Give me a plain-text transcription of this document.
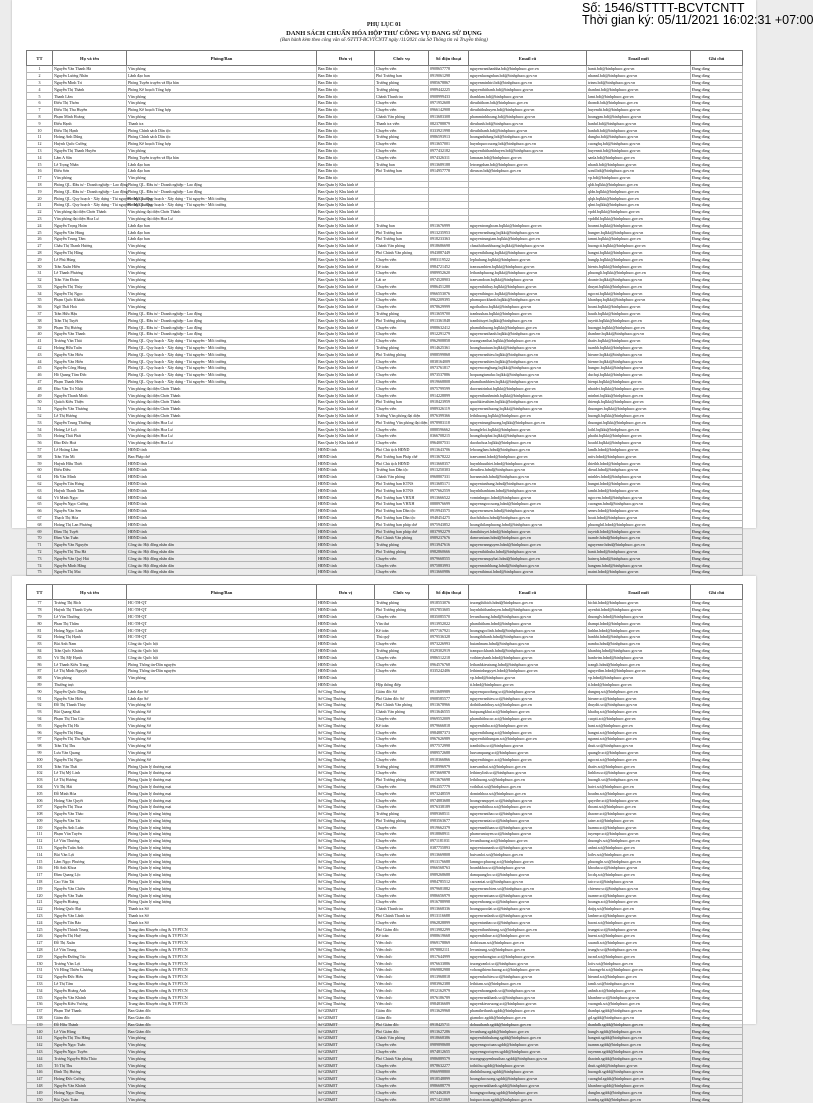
Số: 1546/STTTT-BCVTCNTT
Thời gian ký: 05/11/2021 16:02:31 +07:00
PHỤ LỤC 01
DANH SÁCH CHUẨN HÓA HỘP THƯ CÔNG VỤ ĐANG SỬ DỤNG
(Ban hành kèm theo công văn số /STTTT-BCVTCNTT ngày /11/2021 của Sở Thông tin và Truyền thông)
TT	Họ và tên	Phòng/Ban	Đơn vị	Chức vụ	Số điện thoại	Email cũ	Email mới	Ghi chú
1	Nguyễn Văn Thanh Hà	Văn phòng	Ban Dân tộc	Chuyên viên	0908657778	nguyenvanthanhha.bdt@binhphuoc.gov.vn	hantt.bdt@binhphuoc.gov.vn	Đang dùng
2	Nguyễn Lương Nhân	Lãnh đạo ban	Ban Dân tộc	Phó Trưởng ban	0919061298	nguyenluongnhan.bdt@binhphuoc.gov.vn	nhannl.bdt@binhphuoc.gov.vn	Đang dùng
3	Nguyễn Minh Tri	Phòng Tuyên truyền và Địa bàn	Ban Dân tộc	Trưởng phòng	0985678867	nguyenminhtri.bdt@binhphuoc.gov.vn	trinm.bdt@binhphuoc.gov.vn	Đang dùng
4	Nguyễn Thị Thành	Phòng Kế hoạch Tổng hợp	Ban Dân tộc	Trưởng phòng	0989442225	nguyenthithanh.bdt@binhphuoc.gov.vn	thanhnt.bdt@binhphuoc.gov.vn	Đang dùng
5	Thanh Lâm	Văn phòng	Ban Dân tộc	Chánh Thanh tra	0908999433	thanhlam.bdt@binhphuoc.gov.vn	lamt.bdt@binhphuoc.gov.vn	Đang dùng
6	Điểu Thị Thơm	Văn phòng	Ban Dân tộc	Chuyên viên	0971952608	dieuthithom.bdt@binhphuoc.gov.vn	thomdt.bdt@binhphuoc.gov.vn	Đang dùng
7	Điểu Thị Thu Huyền	Phòng Kế hoạch Tổng hợp	Ban Dân tộc	Chuyên viên	0966142908	dieuthithuhuyen.bdt@binhphuoc.gov.vn	huyendtt.bdt@binhphuoc.gov.vn	Đang dùng
8	Phạm Minh Hoàng	Văn phòng	Ban Dân tộc	Chánh Văn phòng	0913683308	phamminhhoang.bdt@binhphuoc.gov.vn	hoangpm.bdt@binhphuoc.gov.vn	Đang dùng
9	Điểu Hạnh	Thanh tra	Ban Dân tộc	Thanh tra viên	0823788879	dieuhanh.bdt@binhphuoc.gov.vn	hanhd.bdt@binhphuoc.gov.vn	Đang dùng
10	Điểu Thị Hạnh	Phòng Chính sách Dân tộc	Ban Dân tộc	Chuyên viên	0333921998	dieuthihanh.bdt@binhphuoc.gov.vn	hanhdt.bdt@binhphuoc.gov.vn	Đang dùng
11	Hoàng Anh Dũng	Phòng Chính sách Dân tộc	Ban Dân tộc	Trưởng phòng	0986593913	hoanganhdung.bdt@binhphuoc.gov.vn	dungha.bdt@binhphuoc.gov.vn	Đang dùng
12	Huỳnh Quốc Cường	Phòng Kế hoạch Tổng hợp	Ban Dân tộc	Chuyên viên	0913657001	huynhquoccuong.bdt@binhphuoc.gov.vn	cuonghq.bdt@binhphuoc.gov.vn	Đang dùng
13	Nguyễn Thị Thanh Huyền	Văn phòng	Ban Dân tộc	Chuyên viên	0977432182	nguyenthithanhhuyen.bdt@binhphuoc.gov.vn	huyenntt.bdt@binhphuoc.gov.vn	Đang dùng
14	Lâm A Sắn	Phòng Tuyên truyền và Địa bàn	Ban Dân tộc	Chuyên viên	0974326311	lamasan.bdt@binhphuoc.gov.vn	sanla.bdt@binhphuoc.gov.vn	Đang dùng
15	Lê Trọng Nhân	Lãnh đạo ban	Ban Dân tộc	Trưởng ban	0913689188	letrongnhan.bdt@binhphuoc.gov.vn	nhanlt.bdt@binhphuoc.gov.vn	Đang dùng
16	Điểu Sơn	Lãnh đạo ban	Ban Dân tộc	Phó Trưởng ban	0914957778	dieuson.bdt@binhphuoc.gov.vn	sond.bdt@binhphuoc.gov.vn	Đang dùng
17	Văn phòng	Văn phòng	Ban Dân tộc				vp.bdt@binhphuoc.gov.vn	Đang dùng
18	Phòng QL. Đầu tư - Doanh nghiệp - Lao động	Phòng QL. Đầu tư - Doanh nghiệp - Lao động	Ban Quản lý Khu kinh tế				qldt.bqlkkt@binhphuoc.gov.vn	Đang dùng
19	Phòng QL. Đầu tư - Doanh nghiệp - Lao động	Phòng QL. Đầu tư - Doanh nghiệp - Lao động	Ban Quản lý Khu kinh tế				qldn.bqlkkt@binhphuoc.gov.vn	Đang dùng
20	Phòng QL. Quy hoạch - Xây dựng - Tài nguyên - Môi trường	Phòng QL. Quy hoạch - Xây dựng - Tài nguyên - Môi trường	Ban Quản lý Khu kinh tế				qlqh.bqlkkt@binhphuoc.gov.vn	Đang dùng
21	Phòng QL. Quy hoạch - Xây dựng - Tài nguyên - Môi trường	Phòng QL. Quy hoạch - Xây dựng - Tài nguyên - Môi trường	Ban Quản lý Khu kinh tế				qlmt.bqlkkt@binhphuoc.gov.vn	Đang dùng
22	Văn phòng đại diện Chơn Thành	Văn phòng đại diện Chơn Thành	Ban Quản lý Khu kinh tế				vpdd.bqlkkt@binhphuoc.gov.vn	Đang dùng
23	Văn phòng đại diện Hoa Lư	Văn phòng đại diện Hoa Lư	Ban Quản lý Khu kinh tế				vpddhl.bqlkkt@binhphuoc.gov.vn	Đang dùng
24	Nguyễn Trọng Hoàn	Lãnh đạo ban	Ban Quản lý Khu kinh tế	Trưởng ban	0913676999	nguyentronghoan.bqlkkt@binhphuoc.gov.vn	hoannt.bqlkkt@binhphuoc.gov.vn	Đang dùng
25	Nguyễn Văn Hùng	Lãnh đạo ban	Ban Quản lý Khu kinh tế	Phó Trưởng ban	0913235953	nguyenvanhung.bqlkkt@binhphuoc.gov.vn	hungnv.bqlkkt@binhphuoc.gov.vn	Đang dùng
26	Nguyễn Trung Tâm	Lãnh đạo ban	Ban Quản lý Khu kinh tế	Phó Trưởng ban	0918233363	nguyentrungtam.bqlkkt@binhphuoc.gov.vn	tamnt.bqlkkt@binhphuoc.gov.vn	Đang dùng
27	Châu Thị Thanh Hương	Văn phòng	Ban Quản lý Khu kinh tế	Chánh Văn phòng	0918686698	chauthithanhhuong.bqlkkt@binhphuoc.gov.vn	huongctt.bqlkkt@binhphuoc.gov.vn	Đang dùng
28	Nguyễn Thị Hằng	Văn phòng	Ban Quản lý Khu kinh tế	Phó Chánh Văn phòng	0943887449	nguyenthihang.bqlkkt@binhphuoc.gov.vn	hangnt.bqlkkt@binhphuoc.gov.vn	Đang dùng
29	Lê Phú Hùng	Văn phòng	Ban Quản lý Khu kinh tế	Chuyên viên	0983119522	lephuhung.bqlkkt@binhphuoc.gov.vn	hunglp.bqlkkt@binhphuoc.gov.vn	Đang dùng
30	Trần Xuân Hiền	Văn phòng	Ban Quản lý Khu kinh tế	Kế toán	0984721452	tranxuanhien.bqlkkt@binhphuoc.gov.vn	hientx.bqlkkt@binhphuoc.gov.vn	Đang dùng
31	Lê Thanh Phương	Văn phòng	Ban Quản lý Khu kinh tế	Chuyên viên	0989952620	lethanhphuong.bqlkkt@binhphuoc.gov.vn	phuonglt.bqlkkt@binhphuoc.gov.vn	Đang dùng
32	Trần Văn Đoàn	Văn phòng	Ban Quản lý Khu kinh tế	Lái xe	0974528903	tranvandoan.bqlkkt@binhphuoc.gov.vn	doantv.bqlkkt@binhphuoc.gov.vn	Đang dùng
33	Nguyễn Thị Thủy	Văn phòng	Ban Quản lý Khu kinh tế	Chuyên viên	0986451288	nguyenthithuy.bqlkkt@binhphuoc.gov.vn	thuynt.bqlkkt@binhphuoc.gov.vn	Đang dùng
34	Nguyễn Thị Ngọc	Văn phòng	Ban Quản lý Khu kinh tế	Chuyên viên	0966553076	nguyenthingoc.bqlkkt@binhphuoc.gov.vn	ngocnt.bqlkkt@binhphuoc.gov.vn	Đang dùng
35	Phạm Quốc Khánh	Văn phòng	Ban Quản lý Khu kinh tế	Chuyên viên	0962209395	phamquockhanh.bqlkkt@binhphuoc.gov.vn	khanhpq.bqlkkt@binhphuoc.gov.vn	Đang dùng
36	Ngô Thái Hoà	Văn phòng	Ban Quản lý Khu kinh tế	Chuyên viên	0978629999	ngothaihoa.bqlkkt@binhphuoc.gov.vn	hoant.bqlkkt@binhphuoc.gov.vn	Đang dùng
37	Trần Hữu Hậu	Phòng QL. Đầu tư - Doanh nghiệp - Lao động	Ban Quản lý Khu kinh tế	Trưởng phòng	0913659700	tranhuuhau.bqlkkt@binhphuoc.gov.vn	hauth.bqlkkt@binhphuoc.gov.vn	Đang dùng
38	Trần Thị Tuyết	Phòng QL. Đầu tư - Doanh nghiệp - Lao động	Ban Quản lý Khu kinh tế	Phó Trưởng phòng	0913361848	tranthituyet.bqlkkt@binhphuoc.gov.vn	tuyettt.bqlkkt@binhphuoc.gov.vn	Đang dùng
39	Phạm Thị Hương	Phòng QL. Đầu tư - Doanh nghiệp - Lao động	Ban Quản lý Khu kinh tế	Chuyên viên	0988632412	phamthihuong.bqlkkt@binhphuoc.gov.vn	huongpt.bqlkkt@binhphuoc.gov.vn	Đang dùng
40	Nguyễn Văn Thanh	Phòng QL. Đầu tư - Doanh nghiệp - Lao động	Ban Quản lý Khu kinh tế	Chuyên viên	0912291279	nguyenvanthanh.bqlkkt@binhphuoc.gov.vn	thanhnv.bqlkkt@binhphuoc.gov.vn	Đang dùng
41	Trương Văn Thái	Phòng QL. Quy hoạch - Xây dựng - Tài nguyên - Môi trường	Ban Quản lý Khu kinh tế	Chuyên viên	0962908858	truongvanthai.bqlkkt@binhphuoc.gov.vn	thaitv.bqlkkt@binhphuoc.gov.vn	Đang dùng
42	Hoàng Hữu Tuấn	Phòng QL. Quy hoạch - Xây dựng - Tài nguyên - Môi trường	Ban Quản lý Khu kinh tế	Trưởng phòng	0914625361	hoanghuutuan.bqlkkt@binhphuoc.gov.vn	tuanhh.bqlkkt@binhphuoc.gov.vn	Đang dùng
43	Nguyễn Văn Hiếu	Phòng QL. Quy hoạch - Xây dựng - Tài nguyên - Môi trường	Ban Quản lý Khu kinh tế	Phó Trưởng phòng	0988599868	nguyenvanhieu.bqlkkt@binhphuoc.gov.vn	hieunv.bqlkkt@binhphuoc.gov.vn	Đang dùng
44	Nguyễn Văn Hiển	Phòng QL. Quy hoạch - Xây dựng - Tài nguyên - Môi trường	Ban Quản lý Khu kinh tế	Chuyên viên	0838164009	nguyenvanhien.bqlkkt@binhphuoc.gov.vn	hiennv.bqlkkt@binhphuoc.gov.vn	Đang dùng
45	Nguyễn Công Hùng	Phòng QL. Quy hoạch - Xây dựng - Tài nguyên - Môi trường	Ban Quản lý Khu kinh tế	Chuyên viên	0973761817	nguyenconghung.bqlkkt@binhphuoc.gov.vn	hungnc.bqlkkt@binhphuoc.gov.vn	Đang dùng
46	Hồ Quang Tâm Đức	Phòng QL. Quy hoạch - Xây dựng - Tài nguyên - Môi trường	Ban Quản lý Khu kinh tế	Chuyên viên	0973537886	hoquangtamduc.bqlkkt@binhphuoc.gov.vn	duchqt.bqlkkt@binhphuoc.gov.vn	Đang dùng
47	Phạm Thanh Hiền	Phòng QL. Quy hoạch - Xây dựng - Tài nguyên - Môi trường	Ban Quản lý Khu kinh tế	Chuyên viên	0919668808	phamthanhhien.bqlkkt@binhphuoc.gov.vn	hienpt.bqlkkt@binhphuoc.gov.vn	Đang dùng
48	Đào Văn Tri Nhật	Văn phòng đại diện Chơn Thành	Ban Quản lý Khu kinh tế	Chuyên viên	0975799599	daovantrinhat.bqlkkt@binhphuoc.gov.vn	nhatdvt.bqlkkt@binhphuoc.gov.vn	Đang dùng
49	Nguyễn Thanh Minh	Văn phòng đại diện Chơn Thành	Ban Quản lý Khu kinh tế	Chuyên viên	0914228899	nguyenthanhminh.bqlkkt@binhphuoc.gov.vn	minhnt.bqlkkt@binhphuoc.gov.vn	Đang dùng
50	Quách Kiều Thiện	Văn phòng đại diện Chơn Thành	Ban Quản lý Khu kinh tế	Phó Trưởng ban	0918423959	quachkieuthien.bqlkkt@binhphuoc.gov.vn	thienqk.bqlkkt@binhphuoc.gov.vn	Đang dùng
51	Nguyễn Văn Thương	Văn phòng đại diện Chơn Thành	Ban Quản lý Khu kinh tế	Chuyên viên	0989326119	nguyenvanthuong.bqlkkt@binhphuoc.gov.vn	thuongnv.bqlkkt@binhphuoc.gov.vn	Đang dùng
52	Lê Thị Hương	Văn phòng đại diện Chơn Thành	Ban Quản lý Khu kinh tế	Trưởng Văn phòng đại diện	0976399366	lethihuong.bqlkkt@binhphuoc.gov.vn	huonglt.bqlkkt@binhphuoc.gov.vn	Đang dùng
53	Nguyễn Trung Thường	Văn phòng đại diện Hoa Lư	Ban Quản lý Khu kinh tế	Phó Trưởng Văn phòng đại diện	0978983118	nguyentrungthuong.bqlkkt@binhphuoc.gov.vn	thuongnt.bqlkkt@binhphuoc.gov.vn	Đang dùng
54	Hoàng Lê Lợi	Văn phòng đại diện Hoa Lư	Ban Quản lý Khu kinh tế	Chuyên viên	0888596662	hoangleloi.bqlkkt@binhphuoc.gov.vn	loihl.bqlkkt@binhphuoc.gov.vn	Đang dùng
55	Hoàng Thái Phát	Văn phòng đại diện Hoa Lư	Ban Quản lý Khu kinh tế	Chuyên viên	0366708215	hoangthaiphat.bqlkkt@binhphuoc.gov.vn	phatht.bqlkkt@binhphuoc.gov.vn	Đang dùng
56	Đào Đức Hoà	Văn phòng đại diện Hoa Lư	Ban Quản lý Khu kinh tế	Chuyên viên	0964007531	daoduchoa.bqlkkt@binhphuoc.gov.vn	hoadd.bqlkkt@binhphuoc.gov.vn	Đang dùng
57	Lê Hoàng Lâm	HĐND tỉnh	HĐND tỉnh	Phó Chủ tịch HĐND	0913643706	lehoanglam.hdnd@binhphuoc.gov.vn	lamlh.hdnd@binhphuoc.gov.vn	Đang dùng
58	Trần Văn Mi	Ban Pháp chế	HĐND tỉnh	Phó Trưởng ban Pháp chế	0913678222	tranvanmi.hdnd@binhphuoc.gov.vn	mitv.hdnd@binhphuoc.gov.vn	Đang dùng
59	Huỳnh Hữu Thiết	HĐND tỉnh	HĐND tỉnh	Phó Chủ tịch HĐND	0913668357	huynhhuuthiet.hdnd@binhphuoc.gov.vn	thiethh.hdnd@binhphuoc.gov.vn	Đang dùng
60	Điểu Điều	HĐND tỉnh	HĐND tỉnh	Trưởng ban Dân tộc	0913250303	dieudieu.hdnd@binhphuoc.gov.vn	dieud.hdnd@binhphuoc.gov.vn	Đang dùng
61	Hà Văn Minh	HĐND tỉnh	HĐND tỉnh	Chánh Văn phòng	0968807331	havanminh.hdnd@binhphuoc.gov.vn	minhhv.hdnd@binhphuoc.gov.vn	Đang dùng
62	Nguyễn Tấn Hưng	HĐND tỉnh	HĐND tỉnh	Phó Trưởng ban KTNS	0913685171	nguyentanhung.hdnd@binhphuoc.gov.vn	hungnt.hdnd@binhphuoc.gov.vn	Đang dùng
63	Huỳnh Thanh Tâm	HĐND tỉnh	HĐND tỉnh	Phó Trưởng ban KTNS	0977662559	huynhthanhtam.hdnd@binhphuoc.gov.vn	tamht.hdnd@binhphuoc.gov.vn	Đang dùng
64	Võ Minh Ngọc	HĐND tỉnh	HĐND tỉnh	Phó Trưởng ban VHXH	0913666522	vominhngoc.hdnd@binhphuoc.gov.vn	ngocvm.hdnd@binhphuoc.gov.vn	Đang dùng
65	Nguyễn Ngọc Cường	HĐND tỉnh	HĐND tỉnh	Phó Trưởng ban VHXH	0888976699	nguyenngoccuong.hdnd@binhphuoc.gov.vn	cuongnn.hdnd@binhphuoc.gov.vn	Đang dùng
66	Nguyễn Văn Sen	HĐND tỉnh	HĐND tỉnh	Phó Trưởng ban Dân tộc	0919943575	nguyenvansen.hdnd@binhphuoc.gov.vn	sennv.hdnd@binhphuoc.gov.vn	Đang dùng
67	Thạch Thị Hòa	HĐND tỉnh	HĐND tỉnh	Phó Trưởng ban Dân tộc	0948454275	thachthihoa.hdnd@binhphuoc.gov.vn	hoatt.hdnd@binhphuoc.gov.vn	Đang dùng
68	Hoàng Thị Lan Phương	HĐND tỉnh	HĐND tỉnh	Phó Trưởng ban pháp chế	0975943852	hoangthilanphuong.hdnd@binhphuoc.gov.vn	phuonghtl.hdnd@binhphuoc.gov.vn	Đang dùng
69	Đàm Thị Tuyết	HĐND tỉnh	HĐND tỉnh	Phó Trưởng ban pháp chế	0837992279	damthituyet.hdnd@binhphuoc.gov.vn	tuyetdt.hdnd@binhphuoc.gov.vn	Đang dùng
70	Đàm Văn Tuân	HĐND tỉnh	HĐND tỉnh	Phó Chánh Văn phòng	0989237676	damvantuan.hdnd@binhphuoc.gov.vn	tuandv.hdnd@binhphuoc.gov.vn	Đang dùng
71	Nguyễn Văn Nguyện	Công tác Hội đồng nhân dân	HĐND tỉnh	Trưởng phòng	0913947616	nguyenvannguyen.hdnd@binhphuoc.gov.vn	nguyennv.hdnd@binhphuoc.gov.vn	Đang dùng
72	Nguyễn Thị Thu Hà	Công tác Hội đồng nhân dân	HĐND tỉnh	Phó Trưởng phòng	0982860666	nguyenthithuha.hdnd@binhphuoc.gov.vn	hantt.hdnd@binhphuoc.gov.vn	Đang dùng
73	Nguyễn Văn Quý Hải	Công tác Hội đồng nhân dân	HĐND tỉnh	Chuyên viên	0979668555	nguyenvanquyhai.hdnd@binhphuoc.gov.vn	hainvq.hdnd@binhphuoc.gov.vn	Đang dùng
74	Nguyễn Minh Hằng	Công tác Hội đồng nhân dân	HĐND tỉnh	Chuyên viên	0975883993	nguyenminhhang.hdnd@binhphuoc.gov.vn	hangnm.hdnd@binhphuoc.gov.vn	Đang dùng
75	Nguyễn Thị Mai	Công tác Hội đồng nhân dân	HĐND tỉnh	Chuyên viên	0913660986	nguyenthimai.hdnd@binhphuoc.gov.vn	maint.hdnd@binhphuoc.gov.vn	Đang dùng

TT	Họ và tên	Phòng/Ban	Đơn vị	Chức vụ	Số điện thoại	Email cũ	Email mới	Ghi chú
77	Trương Thị Bích	HC-TH-QT	HĐND tỉnh	Trưởng phòng	0918553076	truongthibich.hdnd@binhphuoc.gov.vn	bichtt.hdnd@binhphuoc.gov.vn	Đang dùng
78	Huỳnh Thị Thanh Uyên	HC-TH-QT	HĐND tỉnh	Phó Trưởng phòng	0937853605	huynhthithanhuyen.hdnd@binhphuoc.gov.vn	uyenhtt.hdnd@binhphuoc.gov.vn	Đang dùng
79	Lê Văn Thường	HC-TH-QT	HĐND tỉnh	Chuyên viên	0835085570	levanthuong.hdnd@binhphuoc.gov.vn	thuonglv.hdnd@binhphuoc.gov.vn	Đang dùng
80	Phan Thị Thắm	HC-TH-QT	HĐND tỉnh	Văn thư	0913952022	phanthitham.hdnd@binhphuoc.gov.vn	thampt.hdnd@binhphuoc.gov.vn	Đang dùng
81	Hoàng Ngọc Linh	HC-TH-QT	HĐND tỉnh	Kế toán	0977167921	hoangngoclinh.hdnd@binhphuoc.gov.vn	linhhn.hdnd@binhphuoc.gov.vn	Đang dùng
82	Hoàng Thị Hạnh	HC-TH-QT	HĐND tỉnh	Thủ quỹ	0979536328	hoangthihanh.hdnd@binhphuoc.gov.vn	hanhht.hdnd@binhphuoc.gov.vn	Đang dùng
83	Bùi Anh Nam	Công tác Quốc hội	HĐND tỉnh	Chuyên viên	0973226993	buianhnam.hdnd@binhphuoc.gov.vn	namba.hdnd@binhphuoc.gov.vn	Đang dùng
84	Trần Quốc Khánh	Công tác Quốc hội	HĐND tỉnh	Trưởng phòng	0329302919	tranquockhanh.hdnd@binhphuoc.gov.vn	khanhtq.hdnd@binhphuoc.gov.vn	Đang dùng
85	Võ Thị Mỹ Hạnh	Công tác Quốc hội	HĐND tỉnh	Chuyên viên	0986512218	vothimyhanh.hdnd@binhphuoc.gov.vn	hanhvtm.hdnd@binhphuoc.gov.vn	Đang dùng
86	Lê Thanh Kiều Trang	Phòng Thông tin-Dân nguyện	HĐND tỉnh	Chuyên viên	0964576768	lethanhkieutrang.hdnd@binhphuoc.gov.vn	tranglt.hdnd@binhphuoc.gov.vn	Đang dùng
87	Lê Thị Minh Nguyệt	Phòng Thông tin-Dân nguyện	HĐND tỉnh	Chuyên viên	0335242406	lethiminhnguyet.hdnd@binhphuoc.gov.vn	nguyetltm.hdnd@binhphuoc.gov.vn	Đang dùng
88	Văn phòng	Văn phòng	HĐND tỉnh			vp.hdnd@binhphuoc.gov.vn	vp.hdnd@binhphuoc.gov.vn	Đang dùng
89	Thường trực		HĐND tỉnh	Hộp thông điệp		tt.hdnd@binhphuoc.gov.vn	tt.hdnd@binhphuoc.gov.vn	Đang dùng
90	Nguyễn Quốc Dũng	Lãnh đạo Sở	Sở Công Thương	Giám đốc Sở	0913689989	nguyenquocdung.sct@binhphuoc.gov.vn	dungnq.sct@binhphuoc.gov.vn	Đang dùng
91	Nguyễn Văn Hiếu	Lãnh đạo Sở	Sở Công Thương	Phó Giám đốc Sở	0908585577	nguyenvanhieu.sct@binhphuoc.gov.vn	hieunv.sct@binhphuoc.gov.vn	Đang dùng
92	Đỗ Thị Thanh Thủy	Văn phòng Sở	Sở Công Thương	Phó Chánh Văn phòng	0913678966	dothithanhthuy.sct@binhphuoc.gov.vn	thuydtt.sct@binhphuoc.gov.vn	Đang dùng
93	Bùi Quang Khải	Văn phòng Sở	Sở Công Thương	Chánh Văn phòng	0913646555	buiquangkhai.sct@binhphuoc.gov.vn	khaibq.sct@binhphuoc.gov.vn	Đang dùng
94	Phạm Thị Thu Cúc	Văn phòng Sở	Sở Công Thương	Chuyên viên	0969552009	phamthithucuc.sct@binhphuoc.gov.vn	cucptt.sct@binhphuoc.gov.vn	Đang dùng
95	Nguyễn Thị Hà	Văn phòng Sở	Sở Công Thương	Kế toán	0979666818	nguyenthiha.sct@binhphuoc.gov.vn	hant.sct@binhphuoc.gov.vn	Đang dùng
96	Nguyễn Thị Hằng	Văn phòng Sở	Sở Công Thương	Chuyên viên	0984887373	nguyenthihang.sct@binhphuoc.gov.vn	hangnt.sct@binhphuoc.gov.vn	Đang dùng
97	Nguyễn Thị Thu Ngân	Văn phòng Sở	Sở Công Thương	Chuyên viên	0967626989	nguyenthithungan.sct@binhphuoc.gov.vn	ngannt.sct@binhphuoc.gov.vn	Đang dùng
98	Trần Thị Thu	Văn phòng Sở	Sở Công Thương	Chuyên viên	0977572998	tranthithu.sct@binhphuoc.gov.vn	thutt.sct@binhphuoc.gov.vn	Đang dùng
99	Lưu Văn Quang	Văn phòng Sở	Sở Công Thương	Chuyên viên	0989572688	luuvanquang.sct@binhphuoc.gov.vn	quanglv.sct@binhphuoc.gov.vn	Đang dùng
100	Nguyễn Thị Ngọc	Văn phòng Sở	Sở Công Thương	Chuyên viên	0918366866	nguyenthingoc.sct@binhphuoc.gov.vn	ngocnt.sct@binhphuoc.gov.vn	Đang dùng
101	Trần Văn Thái	Phòng Quản lý thương mại	Sở Công Thương	Trưởng phòng	0918996979	tranvanthai.sct@binhphuoc.gov.vn	thaitv.sct@binhphuoc.gov.vn	Đang dùng
102	Lê Thị Mỹ Linh	Phòng Quản lý thương mại	Sở Công Thương	Chuyên viên	0973669878	lethimylinh.sct@binhphuoc.gov.vn	linhltm.sct@binhphuoc.gov.vn	Đang dùng
103	Lê Thị Hương	Phòng Quản lý thương mại	Sở Công Thương	Phó Trưởng phòng	0913676698	lethihuong.sct@binhphuoc.gov.vn	huonglt.sct@binhphuoc.gov.vn	Đang dùng
104	Võ Thị Hải	Phòng Quản lý thương mại	Sở Công Thương	Chuyên viên	0964357779	vothihai.sct@binhphuoc.gov.vn	haivt.sct@binhphuoc.gov.vn	Đang dùng
105	Đỗ Minh Hòa	Phòng Quản lý thương mại	Sở Công Thương	Chuyên viên	0973248559	dominhhoa.sct@binhphuoc.gov.vn	hoadm.sct@binhphuoc.gov.vn	Đang dùng
106	Hoàng Văn Quyết	Phòng Quản lý thương mại	Sở Công Thương	Chuyên viên	0974883688	hoangvanquyet.sct@binhphuoc.gov.vn	quyethv.sct@binhphuoc.gov.vn	Đang dùng
107	Nguyễn Thị Thoa	Phòng Quản lý thương mại	Sở Công Thương	Chuyên viên	0976338189	nguyenthithoa.sct@binhphuoc.gov.vn	thoant.sct@binhphuoc.gov.vn	Đang dùng
108	Nguyễn Văn Thảo	Phòng Quản lý năng lượng	Sở Công Thương	Trưởng phòng	0989368511	nguyenvanthao.sct@binhphuoc.gov.vn	thaonv.sct@binhphuoc.gov.vn	Đang dùng
109	Nguyễn Văn Tài	Phòng Quản lý năng lượng	Sở Công Thương	Phó Trưởng phòng	0983563677	nguyenvantai.sct@binhphuoc.gov.vn	tainv.sct@binhphuoc.gov.vn	Đang dùng
110	Nguyễn Anh Luân	Phòng Quản lý năng lượng	Sở Công Thương	Chuyên viên	0919662379	nguyenanhluan.sct@binhphuoc.gov.vn	luanna.sct@binhphuoc.gov.vn	Đang dùng
111	Phạm Văn Tuyên	Phòng Quản lý năng lượng	Sở Công Thương	Chuyên viên	0918868911	phamvantuyen.sct@binhphuoc.gov.vn	tuyenpv.sct@binhphuoc.gov.vn	Đang dùng
112	Lê Văn Thương	Phòng Quản lý năng lượng	Sở Công Thương	Chuyên viên	0971181031	levanthuong.sct@binhphuoc.gov.vn	thuonglv.sct@binhphuoc.gov.vn	Đang dùng
113	Nguyễn Tuấn Anh	Phòng Quản lý năng lượng	Sở Công Thương	Chuyên viên	0387755893	nguyentuananh.sct@binhphuoc.gov.vn	anhnt.sct@binhphuoc.gov.vn	Đang dùng
114	Bùi Văn Lợi	Phòng Quản lý năng lượng	Sở Công Thương	Chuyên viên	0913669808	buivanloi.sct@binhphuoc.gov.vn	loibv.sct@binhphuoc.gov.vn	Đang dùng
115	Lâm Ngọc Phương	Phòng Quản lý năng lượng	Sở Công Thương	Chuyên viên	0913176688	lamngocphuong.sct@binhphuoc.gov.vn	phuongln.sct@binhphuoc.gov.vn	Đang dùng
116	Hồ Anh Khoa	Phòng Quản lý năng lượng	Sở Công Thương	Chuyên viên	0966568763	hoanhkhoa.sct@binhphuoc.gov.vn	khoaha.sct@binhphuoc.gov.vn	Đang dùng
117	Đàm Quang Lộc	Phòng Quản lý năng lượng	Sở Công Thương	Chuyên viên	0989268688	damquangloc.sct@binhphuoc.gov.vn	locdq.sct@binhphuoc.gov.vn	Đang dùng
118	Cao Văn Tài	Phòng Quản lý năng lượng	Sở Công Thương	Chuyên viên	0984785512	caovantai.sct@binhphuoc.gov.vn	taicv.sct@binhphuoc.gov.vn	Đang dùng
119	Nguyễn Văn Chiến	Phòng Quản lý năng lượng	Sở Công Thương	Chuyên viên	0979681882	nguyenvanchien.sct@binhphuoc.gov.vn	chiennv.sct@binhphuoc.gov.vn	Đang dùng
120	Nguyễn Văn Tuấn	Phòng Quản lý năng lượng	Sở Công Thương	Chuyên viên	0986656979	nguyenvantuan.sct@binhphuoc.gov.vn	tuannv.sct@binhphuoc.gov.vn	Đang dùng
121	Nguyễn Hoàng	Phòng Quản lý năng lượng	Sở Công Thương	Chuyên viên	0916788998	nguyenhoang.sct@binhphuoc.gov.vn	hoangn.sct@binhphuoc.gov.vn	Đang dùng
122	Hoàng Quốc Đạt	Thanh tra Sở	Sở Công Thương	Chánh Thanh tra	0913668336	hoangquocdat.sct@binhphuoc.gov.vn	datjq.sct@binhphuoc.gov.vn	Đang dùng
123	Nguyễn Văn Lãnh	Thanh tra Sở	Sở Công Thương	Phó Chánh Thanh tra	0913116688	nguyenvanlanh.sct@binhphuoc.gov.vn	lanhnv.sct@binhphuoc.gov.vn	Đang dùng
124	Nguyễn Tấn Bảo	Thanh tra Sở	Sở Công Thương	Chuyên viên	0962828899	nguyentanbao.sct@binhphuoc.gov.vn	baont.sct@binhphuoc.gov.vn	Đang dùng
125	Nguyễn Thành Trung	Trung tâm Khuyến công & TVPTCN	Sở Công Thương	Phó Giám đốc	0913982299	nguyenthanhtrung.sct@binhphuoc.gov.vn	trungnt.sct@binhphuoc.gov.vn	Đang dùng
126	Nguyễn Thị Huệ	Trung tâm Khuyến công & TVPTCN	Sở Công Thương	Kế toán	0988619668	nguyenthihue.sct@binhphuoc.gov.vn	huent.sct@binhphuoc.gov.vn	Đang dùng
127	Đỗ Thị Xuân	Trung tâm Khuyến công & TVPTCN	Sở Công Thương	Viên chức	0969178869	dothixuan.sct@binhphuoc.gov.vn	xuandt.sct@binhphuoc.gov.vn	Đang dùng
128	Lê Văn Trung	Trung tâm Khuyến công & TVPTCN	Sở Công Thương	Viên chức	0978882111	levantrung.sct@binhphuoc.gov.vn	trunglv.sct@binhphuoc.gov.vn	Đang dùng
129	Nguyễn Đường Túc	Trung tâm Khuyến công & TVPTCN	Sở Công Thương	Viên chức	0917644999	nguyenduongtuc.sct@binhphuoc.gov.vn	tucnd.sct@binhphuoc.gov.vn	Đang dùng
130	Trương Văn Lợi	Trung tâm Khuyến công & TVPTCN	Sở Công Thương	Viên chức	0976633886	truongvanloi.sct@binhphuoc.gov.vn	loitv.sct@binhphuoc.gov.vn	Đang dùng
131	Võ Hồng Thiên Chương	Trung tâm Khuyến công & TVPTCN	Sở Công Thương	Viên chức	0969882988	vohongthienchuong.sct@binhphuoc.gov.vn	chuongvht.sct@binhphuoc.gov.vn	Đang dùng
132	Nguyễn Đức Hiếu	Trung tâm Khuyến công & TVPTCN	Sở Công Thương	Viên chức	0913968818	nguyenduchieu.sct@binhphuoc.gov.vn	hieund.sct@binhphuoc.gov.vn	Đang dùng
133	Lê Thị Tâm	Trung tâm Khuyến công & TVPTCN	Sở Công Thương	Viên chức	0983962388	lethitam.sct@binhphuoc.gov.vn	tamlt.sct@binhphuoc.gov.vn	Đang dùng
134	Nguyễn Hoàng Anh	Trung tâm Khuyến công & TVPTCN	Sở Công Thương	Viên chức	0912162979	nguyenhoanganh.sct@binhphuoc.gov.vn	anhnh.sct@binhphuoc.gov.vn	Đang dùng
135	Nguyễn Văn Khánh	Trung tâm Khuyến công & TVPTCN	Sở Công Thương	Viên chức	0976186789	nguyenvankhanh.sct@binhphuoc.gov.vn	khanhnv.sct@binhphuoc.gov.vn	Đang dùng
136	Nguyễn Kiều Vương	Trung tâm Khuyến công & TVPTCN	Sở Công Thương	Viên chức	0984836689	nguyenkieuvuong.sct@binhphuoc.gov.vn	vuongnk.sct@binhphuoc.gov.vn	Đang dùng
137	Phạm Thế Thanh	Ban Giám đốc	Sở GD&ĐT	Giám đốc	0913629968	phamthethanh.sgddt@binhphuoc.gov.vn	thanhpt.sgddt@binhphuoc.gov.vn	Đang dùng
138	Giám đốc	Ban Giám đốc	Sở GD&ĐT	Giám đốc		giamdoc.sgddt@binhphuoc.gov.vn	gd.sgddt@binhphuoc.gov.vn	Đang dùng
139	Đỗ Hữu Thành	Ban Giám đốc	Sở GD&ĐT	Phó Giám đốc	0918425711	dohuuthanh.sgddt@binhphuoc.gov.vn	thanhdh.sgddt@binhphuoc.gov.vn	Đang dùng
140	Lê Văn Hùng	Ban Giám đốc	Sở GD&ĐT	Phó Giám đốc	0913627286	levanhung.sgddt@binhphuoc.gov.vn	hunglv.sgddt@binhphuoc.gov.vn	Đang dùng
141	Nguyễn Thị Thu Hằng	Văn phòng	Sở GD&ĐT	Chánh Văn phòng	0918668386	nguyenthithuhang.sgddt@binhphuoc.gov.vn	hangntt.sgddt@binhphuoc.gov.vn	Đang dùng
142	Nguyễn Ngọc Tuấn	Văn phòng	Sở GD&ĐT	Chuyên viên	0989898688	nguyenngoctuan.sgddt@binhphuoc.gov.vn	tuannn.sgddt@binhphuoc.gov.vn	Đang dùng
143	Nguyễn Ngọc Tuyền	Văn phòng	Sở GD&ĐT	Chuyên viên	0974812655	nguyenngoctuyen.sgddt@binhphuoc.gov.vn	tuyennn.sgddt@binhphuoc.gov.vn	Đang dùng
144	Trương Nguyễn Hữu Thảo	Văn phòng	Sở GD&ĐT	Phó Chánh Văn phòng	0986889579	truongnguyenhuuthao.sgddt@binhphuoc.gov.vn	thaotnh.sgddt@binhphuoc.gov.vn	Đang dùng
145	Tô Thị Thu	Văn phòng	Sở GD&ĐT	Chuyên viên	0978632277	tothithu.sgddt@binhphuoc.gov.vn	thutt.sgddt@binhphuoc.gov.vn	Đang dùng
146	Đinh Thị Hương	Văn phòng	Sở GD&ĐT	Chuyên viên	0966998800	dinhthihuong.sgddt@binhphuoc.gov.vn	huongdt.sgddt@binhphuoc.gov.vn	Đang dùng
147	Hoàng Đức Cường	Văn phòng	Sở GD&ĐT	Chuyên viên	0918548899	hoangduccuong.sgddt@binhphuoc.gov.vn	cuonghd.sgddt@binhphuoc.gov.vn	Đang dùng
148	Nguyễn Văn Khánh	Văn phòng	Sở GD&ĐT	Chuyên viên	0986688779	nguyenvankhanh.sgddt@binhphuoc.gov.vn	khanhnv.sgddt@binhphuoc.gov.vn	Đang dùng
149	Hoàng Ngọc Dung	Văn phòng	Sở GD&ĐT	Chuyên viên	0974462839	hoangngocdung.sgddt@binhphuoc.gov.vn	dunghn.sgddt@binhphuoc.gov.vn	Đang dùng
150	Bùi Quốc Toàn	Văn phòng	Sở GD&ĐT	Chuyên viên	0971421069	buiquoctoan.sgddt@binhphuoc.gov.vn	toanbq.sgddt@binhphuoc.gov.vn	Đang dùng
